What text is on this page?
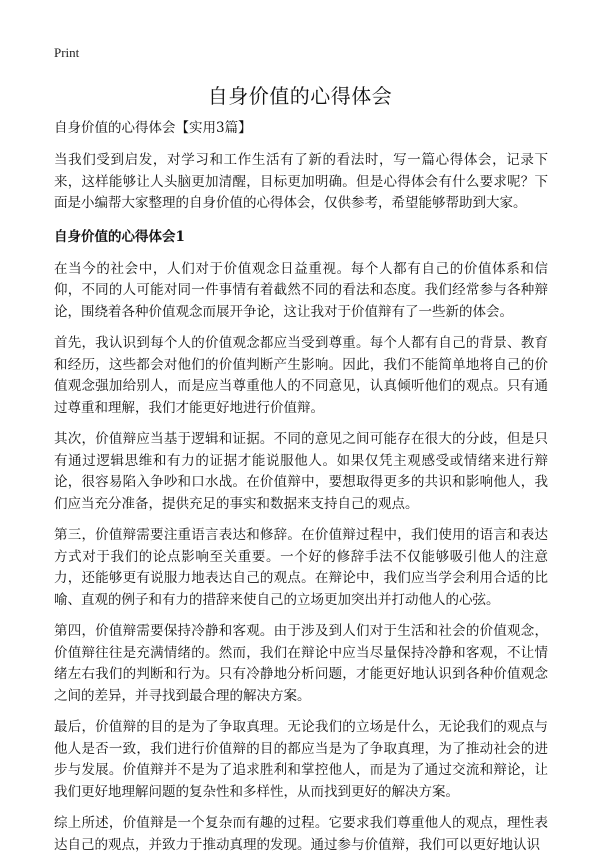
Print
自身价值的心得体会

自身价值的心得体会【实用3篇】

当我们受到启发，对学习和工作生活有了新的看法时，写一篇心得体会，记录下来，这样能够让人头脑更加清醒，目标更加明确。但是心得体会有什么要求呢？下面是小编帮大家整理的自身价值的心得体会，仅供参考，希望能够帮助到大家。

自身价值的心得体会1

在当今的社会中，人们对于价值观念日益重视。每个人都有自己的价值体系和信仰，不同的人可能对同一件事情有着截然不同的看法和态度。我们经常参与各种辩论，围绕着各种价值观念而展开争论，这让我对于价值辩有了一些新的体会。

首先，我认识到每个人的价值观念都应当受到尊重。每个人都有自己的背景、教育和经历，这些都会对他们的价值判断产生影响。因此，我们不能简单地将自己的价值观念强加给别人，而是应当尊重他人的不同意见，认真倾听他们的观点。只有通过尊重和理解，我们才能更好地进行价值辩。

其次，价值辩应当基于逻辑和证据。不同的意见之间可能存在很大的分歧，但是只有通过逻辑思维和有力的证据才能说服他人。如果仅凭主观感受或情绪来进行辩论，很容易陷入争吵和口水战。在价值辩中，要想取得更多的共识和影响他人，我们应当充分准备，提供充足的事实和数据来支持自己的观点。

第三，价值辩需要注重语言表达和修辞。在价值辩过程中，我们使用的语言和表达方式对于我们的论点影响至关重要。一个好的修辞手法不仅能够吸引他人的注意力，还能够更有说服力地表达自己的观点。在辩论中，我们应当学会利用合适的比喻、直观的例子和有力的措辞来使自己的立场更加突出并打动他人的心弦。

第四，价值辩需要保持冷静和客观。由于涉及到人们对于生活和社会的价值观念，价值辩往往是充满情绪的。然而，我们在辩论中应当尽量保持冷静和客观，不让情绪左右我们的判断和行为。只有冷静地分析问题，才能更好地认识到各种价值观念之间的差异，并寻找到最合理的解决方案。

最后，价值辩的目的是为了争取真理。无论我们的立场是什么，无论我们的观点与他人是否一致，我们进行价值辩的目的都应当是为了争取真理，为了推动社会的进步与发展。价值辩并不是为了追求胜利和掌控他人，而是为了通过交流和辩论，让我们更好地理解问题的复杂性和多样性，从而找到更好的解决方案。

综上所述，价值辩是一个复杂而有趣的过程。它要求我们尊重他人的观点，理性表达自己的观点，并致力于推动真理的发现。通过参与价值辩，我们可以更好地认识
